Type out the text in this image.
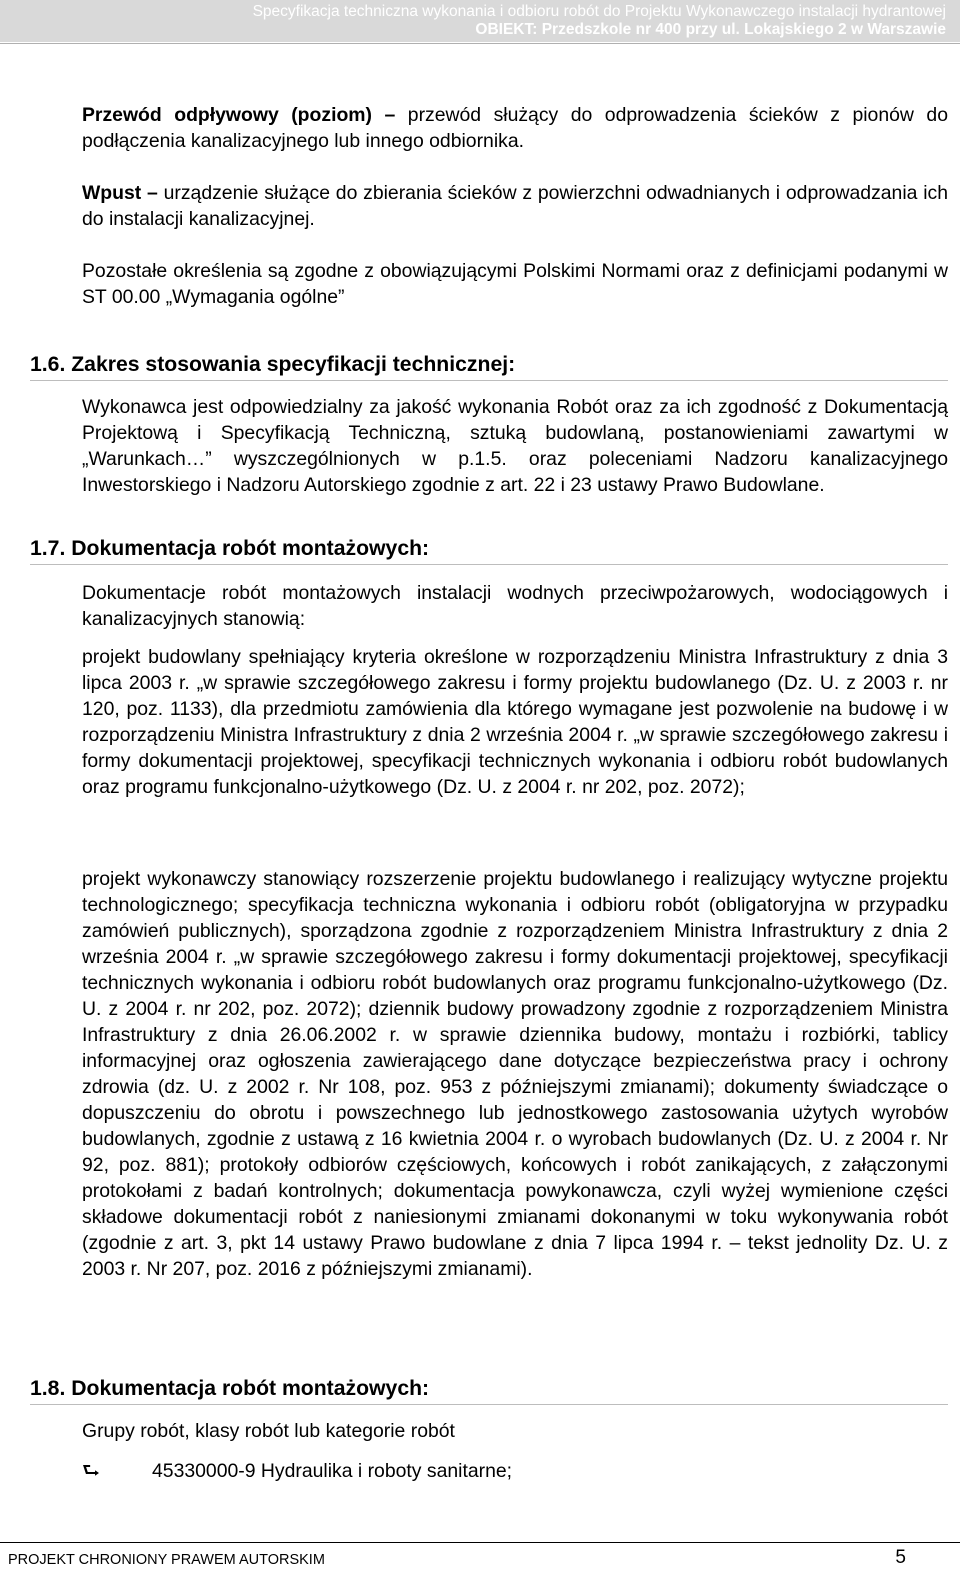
Specyfikacja techniczna wykonania i odbioru robót do Projektu Wykonawczego instalacji hydrantowej
OBIEKT: Przedszkole nr 400 przy ul. Lokajskiego 2 w Warszawie
Przewód odpływowy (poziom) – przewód służący do odprowadzenia ścieków z pionów do podłączenia kanalizacyjnego lub innego odbiornika.
Wpust – urządzenie służące do zbierania ścieków z powierzchni odwadnianych i odprowadzania ich do instalacji kanalizacyjnej.
Pozostałe określenia są zgodne z obowiązującymi Polskimi Normami oraz z definicjami podanymi w ST 00.00 „Wymagania ogólne”
1.6. Zakres stosowania specyfikacji technicznej:
Wykonawca jest odpowiedzialny za jakość wykonania Robót oraz za ich zgodność z Dokumentacją Projektową i Specyfikacją Techniczną, sztuką budowlaną, postanowieniami zawartymi w „Warunkach…” wyszczególnionych w p.1.5. oraz poleceniami Nadzoru kanalizacyjnego Inwestorskiego i Nadzoru Autorskiego zgodnie z art. 22 i 23 ustawy Prawo Budowlane.
1.7. Dokumentacja robót montażowych:
Dokumentacje robót montażowych instalacji wodnych przeciwpożarowych, wodociągowych i kanalizacyjnych stanowią:
projekt budowlany spełniający kryteria określone w rozporządzeniu Ministra Infrastruktury z dnia 3 lipca 2003 r. „w sprawie szczegółowego zakresu i formy projektu budowlanego (Dz. U. z 2003 r. nr 120, poz. 1133), dla przedmiotu zamówienia dla którego wymagane jest pozwolenie na budowę i w rozporządzeniu Ministra Infrastruktury z dnia 2 września 2004 r. „w sprawie szczegółowego zakresu i formy dokumentacji projektowej, specyfikacji technicznych wykonania i odbioru robót budowlanych oraz programu funkcjonalno-użytkowego (Dz. U. z 2004 r. nr 202, poz. 2072);
projekt wykonawczy stanowiący rozszerzenie projektu budowlanego i realizujący wytyczne projektu technologicznego; specyfikacja techniczna wykonania i odbioru robót (obligatoryjna w przypadku zamówień publicznych), sporządzona zgodnie z rozporządzeniem Ministra Infrastruktury z dnia 2 września 2004 r. „w sprawie szczegółowego zakresu i formy dokumentacji projektowej, specyfikacji technicznych wykonania i odbioru robót budowlanych oraz programu funkcjonalno-użytkowego (Dz. U. z 2004 r. nr 202, poz. 2072); dziennik budowy prowadzony zgodnie z rozporządzeniem Ministra Infrastruktury z dnia 26.06.2002 r. w sprawie dziennika budowy, montażu i rozbiórki, tablicy informacyjnej oraz ogłoszenia zawierającego dane dotyczące bezpieczeństwa pracy i ochrony zdrowia (dz. U. z 2002 r. Nr 108, poz. 953 z późniejszymi zmianami); dokumenty świadczące o dopuszczeniu do obrotu i powszechnego lub jednostkowego zastosowania użytych wyrobów budowlanych, zgodnie z ustawą z 16 kwietnia 2004 r. o wyrobach budowlanych (Dz. U. z 2004 r. Nr 92, poz. 881); protokoły odbiorów częściowych, końcowych i robót zanikających, z załączonymi protokołami z badań kontrolnych; dokumentacja powykonawcza, czyli wyżej wymienione części składowe dokumentacji robót z naniesionymi zmianami dokonanymi w toku wykonywania robót (zgodnie z art. 3, pkt 14 ustawy Prawo budowlane z dnia 7 lipca 1994 r. – tekst jednolity Dz. U. z 2003 r. Nr 207, poz. 2016 z późniejszymi zmianami).
1.8. Dokumentacja robót montażowych:
Grupy robót, klasy robót lub kategorie robót
⮑	45330000-9 Hydraulika i roboty sanitarne;
PROJEKT CHRONIONY PRAWEM AUTORSKIM	5
